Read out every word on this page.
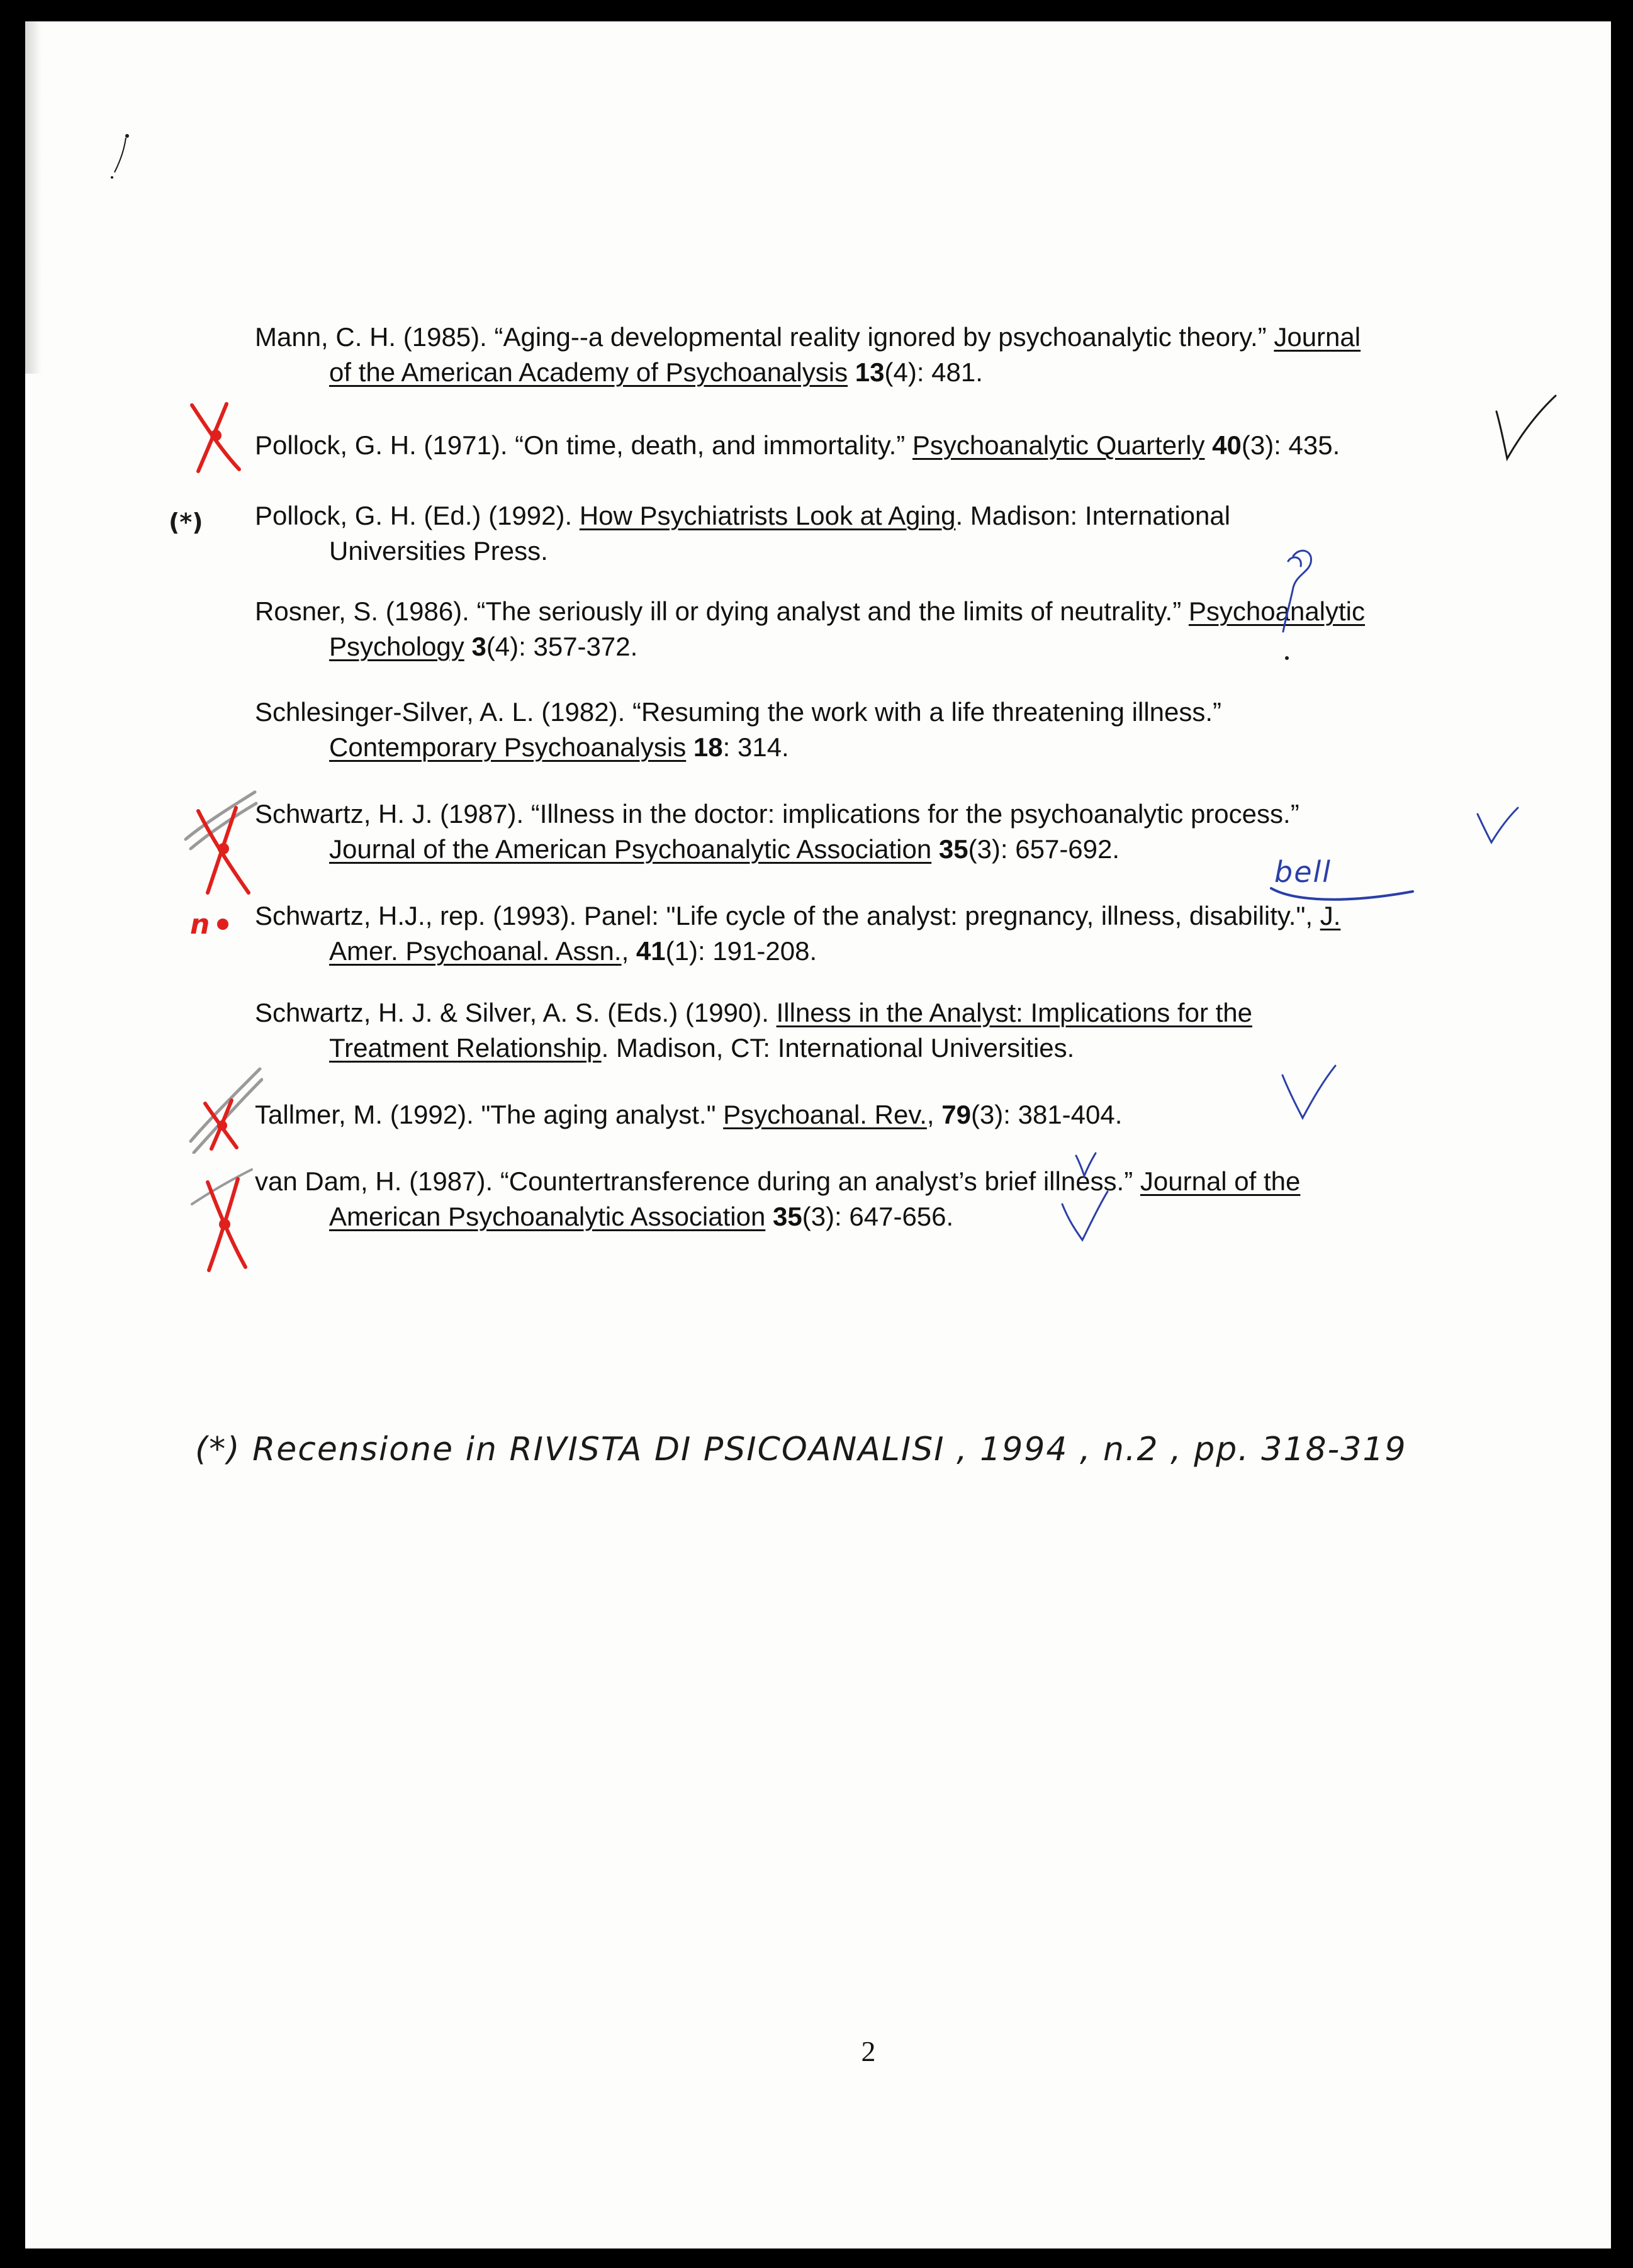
Mann, C. H. (1985). “Aging--a developmental reality ignored by psychoanalytic theory.” Journal
of the American Academy of Psychoanalysis 13(4): 481.
Pollock, G. H. (1971). “On time, death, and immortality.” Psychoanalytic Quarterly 40(3): 435.
Pollock, G. H. (Ed.) (1992). How Psychiatrists Look at Aging. Madison: International
Universities Press.
Rosner, S. (1986). “The seriously ill or dying analyst and the limits of neutrality.” Psychoanalytic
Psychology 3(4): 357-372.
Schlesinger-Silver, A. L. (1982). “Resuming the work with a life threatening illness.”
Contemporary Psychoanalysis 18: 314.
Schwartz, H. J. (1987). “Illness in the doctor: implications for the psychoanalytic process.”
Journal of the American Psychoanalytic Association 35(3): 657-692.
Schwartz, H.J., rep. (1993). Panel: "Life cycle of the analyst: pregnancy, illness, disability.", J.
Amer. Psychoanal. Assn., 41(1): 191-208.
Schwartz, H. J. & Silver, A. S. (Eds.) (1990). Illness in the Analyst: Implications for the
Treatment Relationship. Madison, CT: International Universities.
Tallmer, M. (1992). "The aging analyst." Psychoanal. Rev., 79(3): 381-404.
van Dam, H. (1987). “Countertransference during an analyst’s brief illness.” Journal of the
American Psychoanalytic Association 35(3): 647-656.
(*)
n
bell
(*) Recensione in RIVISTA DI PSICOANALISI , 1994 , n.2 , pp. 318-319
2
